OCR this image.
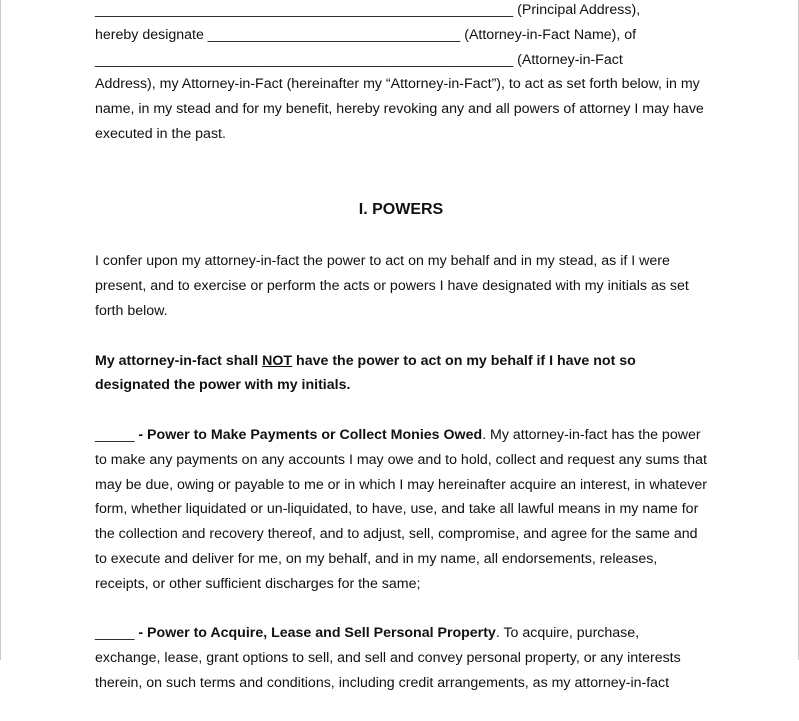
_____________________________________________________ (Principal Address),
hereby designate ________________________________ (Attorney-in-Fact Name), of
_____________________________________________________ (Attorney-in-Fact
Address), my Attorney-in-Fact (hereinafter my “Attorney-in-Fact”), to act as set forth below, in my name, in my stead and for my benefit, hereby revoking any and all powers of attorney I may have executed in the past.
I. POWERS

I confer upon my attorney-in-fact the power to act on my behalf and in my stead, as if I were present, and to exercise or perform the acts or powers I have designated with my initials as set forth below.

My attorney-in-fact shall NOT have the power to act on my behalf if I have not so designated the power with my initials.

_____ - Power to Make Payments or Collect Monies Owed. My attorney-in-fact has the power to make any payments on any accounts I may owe and to hold, collect and request any sums that may be due, owing or payable to me or in which I may hereinafter acquire an interest, in whatever form, whether liquidated or un-liquidated, to have, use, and take all lawful means in my name for the collection and recovery thereof, and to adjust, sell, compromise, and agree for the same and to execute and deliver for me, on my behalf, and in my name, all endorsements, releases, receipts, or other sufficient discharges for the same;

_____ - Power to Acquire, Lease and Sell Personal Property. To acquire, purchase, exchange, lease, grant options to sell, and sell and convey personal property, or any interests therein, on such terms and conditions, including credit arrangements, as my attorney-in-fact
